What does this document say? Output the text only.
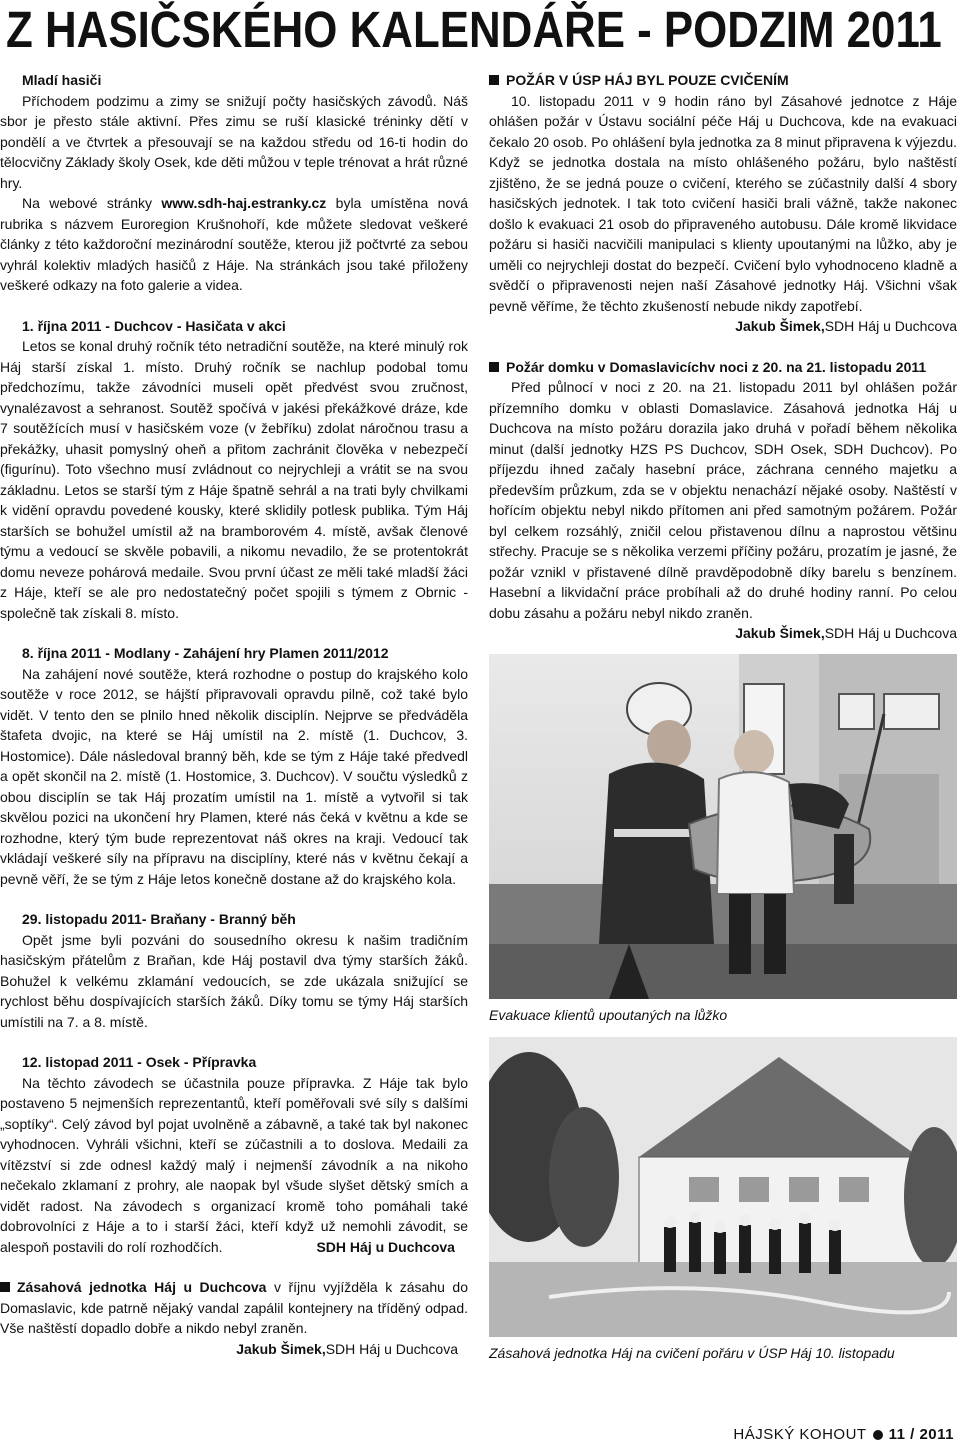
Z HASIČSKÉHO KALENDÁŘE - PODZIM 2011
Mladí hasiči

Příchodem podzimu a zimy se snižují počty hasičských závodů. Náš sbor je přesto stále aktivní. Přes zimu se ruší klasické tréninky dětí v pondělí a ve čtvrtek a přesouvají se na každou středu od 16-ti hodin do tělocvičny Základy školy Osek, kde děti můžou v teple trénovat a hrát různé hry.

Na webové stránky www.sdh-haj.estranky.cz byla umístěna nová rubrika s názvem Euroregion Krušnohoří, kde můžete sledovat veškeré články z této každoroční mezinárodní soutěže, kterou již počtvrté za sebou vyhrál kolektiv mladých hasičů z Háje. Na stránkách jsou také přiloženy veškeré odkazy na foto galerie a videa.

1. října 2011 - Duchcov - Hasičata v akci

Letos se konal druhý ročník této netradiční soutěže, na které minulý rok Háj starší získal 1. místo. Druhý ročník se nachlup podobal tomu předchozímu, takže závodníci museli opět předvést svou zručnost, vynalézavost a sehranost. Soutěž spočívá v jakési překážkové dráze, kde 7 soutěžících musí v hasičském voze (v žebříku) zdolat náročnou trasu a překážky, uhasit pomyslný oheň a přitom zachránit člověka v nebezpečí (figurínu). Toto všechno musí zvládnout co nejrychleji a vrátit se na svou základnu. Letos se starší tým z Háje špatně sehrál a na trati byly chvilkami k vidění opravdu povedené kousky, které sklidily potlesk publika. Tým Háj starších se bohužel umístil až na bramborovém 4. místě, avšak členové týmu a vedoucí se skvěle pobavili, a nikomu nevadilo, že se protentokrát domu neveze pohárová medaile. Svou první účast ze měli také mladší žáci z Háje, kteří se ale pro nedostatečný počet spojili s týmem z Obrnic - společně tak získali 8. místo.

8. října 2011 - Modlany - Zahájení hry Plamen 2011/2012

Na zahájení nové soutěže, která rozhodne o postup do krajského kolo soutěže v roce 2012, se hájští připravovali opravdu pilně, což také bylo vidět. V tento den se plnilo hned několik disciplín. Nejprve se předváděla štafeta dvojic, na které se Háj umístil na 2. místě (1. Duchcov, 3. Hostomice). Dále následoval branný běh, kde se tým z Háje také předvedl a opět skončil na 2. místě (1. Hostomice, 3. Duchcov). V součtu výsledků z obou disciplín se tak Háj prozatím umístil na 1. místě a vytvořil si tak skvělou pozici na ukončení hry Plamen, které nás čeká v květnu a kde se rozhodne, který tým bude reprezentovat náš okres na kraji. Vedoucí tak vkládají veškeré síly na přípravu na disciplíny, které nás v květnu čekají a pevně věří, že se tým z Háje letos konečně dostane až do krajského kola.

29. listopadu 2011- Braňany - Branný běh

Opět jsme byli pozváni do sousedního okresu k našim tradičním hasičským přátelům z Braňan, kde Háj postavil dva týmy starších žáků. Bohužel k velkému zklamání vedoucích, se zde ukázala snižující se rychlost běhu dospívajících starších žáků. Díky tomu se týmy Háj starších umístili na 7. a 8. místě.

12. listopad 2011 - Osek - Přípravka

Na těchto závodech se účastnila pouze přípravka. Z Háje tak bylo postaveno 5 nejmenších reprezentantů, kteří poměřovali své síly s dalšími „soptíky“. Celý závod byl pojat uvolněně a zábavně, a také tak byl nakonec vyhodnocen. Vyhráli všichni, kteří se zúčastnili a to doslova. Medaili za vítězství si zde odnesl každý malý i nejmenší závodník a na nikoho nečekalo zklamaní z prohry, ale naopak byl všude slyšet dětský smích a vidět radost. Na závodech s organizací kromě toho pomáhali také dobrovolníci z Háje a to i starší žáci, kteří když už nemohli závodit, se alespoň postavili do rolí rozhodčích.	SDH Háj u Duchcova

Zásahová jednotka Háj u Duchcova v říjnu vyjížděla k zásahu do Domaslavic, kde patrně nějaký vandal zapálil kontejnery na tříděný odpad. Vše naštěstí dopadlo dobře a nikdo nebyl zraněn.

Jakub Šimek, SDH Háj u Duchcova
POŽÁR V ÚSP HÁJ BYL POUZE CVIČENÍM

10. listopadu 2011 v 9 hodin ráno byl Zásahové jednotce z Háje ohlášen požár v Ústavu sociální péče Háj u Duchcova, kde na evakuaci čekalo 20 osob. Po ohlášení byla jednotka za 8 minut připravena k výjezdu. Když se jednotka dostala na místo ohlášeného požáru, bylo naštěstí zjištěno, že se jedná pouze o cvičení, kterého se zúčastnily další 4 sbory hasičských jednotek. I tak toto cvičení hasiči brali vážně, takže nakonec došlo k evakuaci 21 osob do připraveného autobusu. Dále kromě likvidace požáru si hasiči nacvičili manipulaci s klienty upoutanými na lůžko, aby je uměli co nejrychleji dostat do bezpečí. Cvičení bylo vyhodnoceno kladně a svědčí o připravenosti nejen naší Zásahové jednotky Háj. Všichni však pevně věříme, že těchto zkušeností nebude nikdy zapotřebí.

Jakub Šimek, SDH Háj u Duchcova
Požár domku v Domaslavicíchv noci z 20. na 21. listopadu 2011

Před půlnocí v noci z 20. na 21. listopadu 2011 byl ohlášen požár přízemního domku v oblasti Domaslavice. Zásahová jednotka Háj u Duchcova na místo požáru dorazila jako druhá v pořadí během několika minut (další jednotky HZS PS Duchcov, SDH Osek, SDH Duchcov). Po příjezdu ihned začaly hasební práce, záchrana cenného majetku a především průzkum, zda se v objektu nenachází nějaké osoby. Naštěstí v hořícím objektu nebyl nikdo přítomen ani před samotným požárem. Požár byl celkem rozsáhlý, zničil celou přistavenou dílnu a naprostou většinu střechy. Pracuje se s několika verzemi příčiny požáru, prozatím je jasné, že požár vznikl v přistavené dílně pravděpodobně díky barelu s benzínem. Hasební a likvidační práce probíhali až do druhé hodiny ranní. Po celou dobu zásahu a požáru nebyl nikdo zraněn.

Jakub Šimek, SDH Háj u Duchcova
Evakuace klientů upoutaných na lůžko
Zásahová jednotka Háj na cvičení pořáru v ÚSP Háj 10. listopadu
HÁJSKÝ KOHOUT 11 / 2011
